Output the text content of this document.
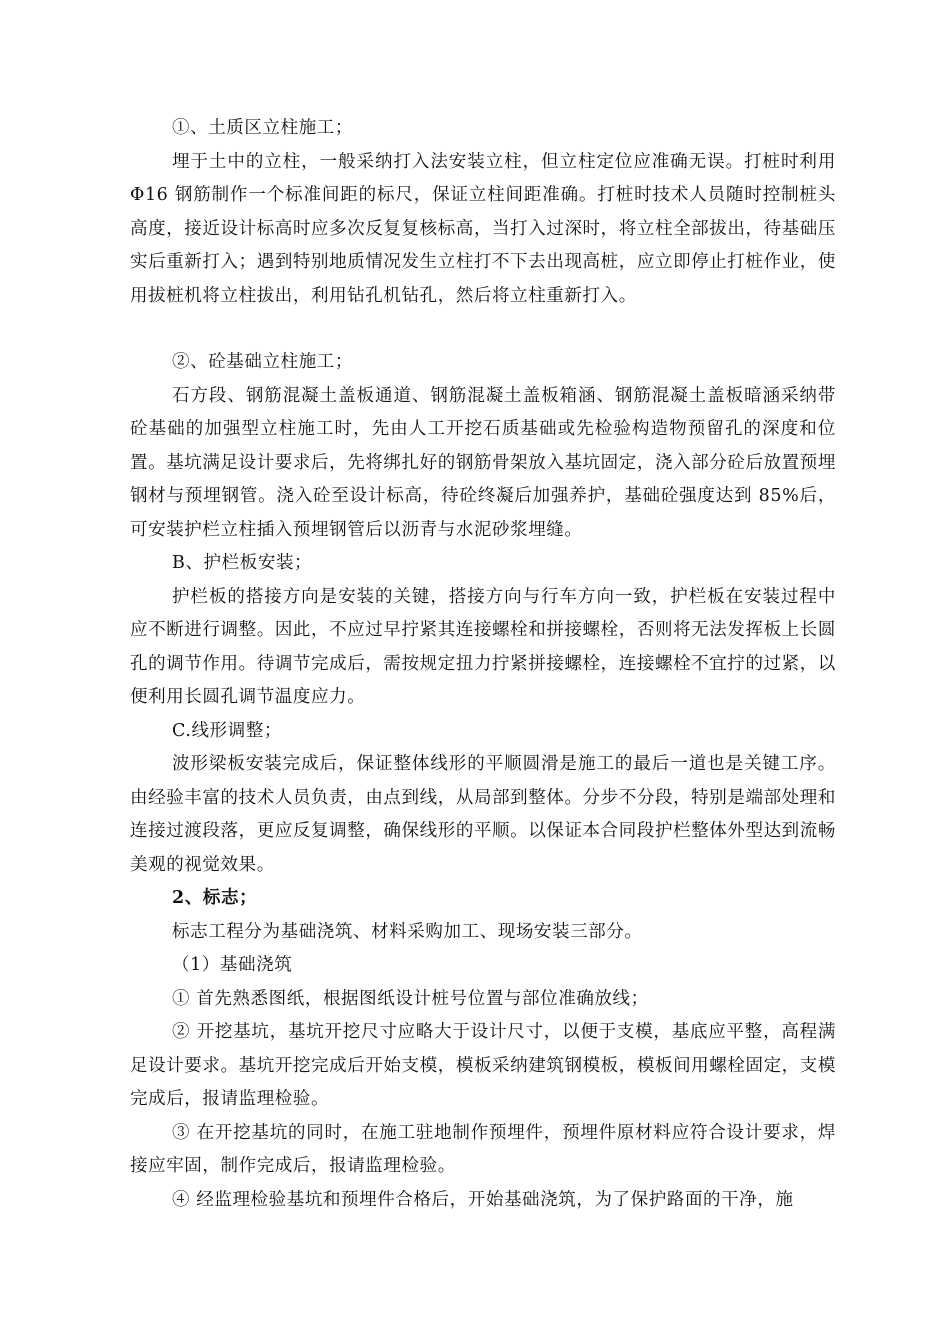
①、土质区立柱施工；

埋于土中的立柱，一般采纳打入法安装立柱，但立柱定位应准确无误。打桩时利用 Φ16 钢筋制作一个标准间距的标尺，保证立柱间距准确。打桩时技术人员随时控制桩头高度，接近设计标高时应多次反复复核标高，当打入过深时，将立柱全部拔出，待基础压实后重新打入；遇到特别地质情况发生立柱打不下去出现高桩，应立即停止打桩作业，使用拔桩机将立柱拔出，利用钻孔机钻孔，然后将立柱重新打入。

②、砼基础立柱施工；

石方段、钢筋混凝土盖板通道、钢筋混凝土盖板箱涵、钢筋混凝土盖板暗涵采纳带砼基础的加强型立柱施工时，先由人工开挖石质基础或先检验构造物预留孔的深度和位置。基坑满足设计要求后，先将绑扎好的钢筋骨架放入基坑固定，浇入部分砼后放置预埋钢材与预埋钢管。浇入砼至设计标高，待砼终凝后加强养护，基础砼强度达到 85%后，可安装护栏立柱插入预埋钢管后以沥青与水泥砂浆埋缝。

B、护栏板安装；

护栏板的搭接方向是安装的关键，搭接方向与行车方向一致，护栏板在安装过程中应不断进行调整。因此，不应过早拧紧其连接螺栓和拼接螺栓，否则将无法发挥板上长圆孔的调节作用。待调节完成后，需按规定扭力拧紧拼接螺栓，连接螺栓不宜拧的过紧，以便利用长圆孔调节温度应力。

C.线形调整；

波形梁板安装完成后，保证整体线形的平顺圆滑是施工的最后一道也是关键工序。由经验丰富的技术人员负责，由点到线，从局部到整体。分步不分段，特别是端部处理和连接过渡段落，更应反复调整，确保线形的平顺。以保证本合同段护栏整体外型达到流畅美观的视觉效果。

2、标志；

标志工程分为基础浇筑、材料采购加工、现场安装三部分。

（1）基础浇筑

① 首先熟悉图纸，根据图纸设计桩号位置与部位准确放线；

② 开挖基坑，基坑开挖尺寸应略大于设计尺寸，以便于支模，基底应平整，高程满足设计要求。基坑开挖完成后开始支模，模板采纳建筑钢模板，模板间用螺栓固定，支模完成后，报请监理检验。

③ 在开挖基坑的同时，在施工驻地制作预埋件，预埋件原材料应符合设计要求，焊接应牢固，制作完成后，报请监理检验。

④ 经监理检验基坑和预埋件合格后，开始基础浇筑，为了保护路面的干净，施
